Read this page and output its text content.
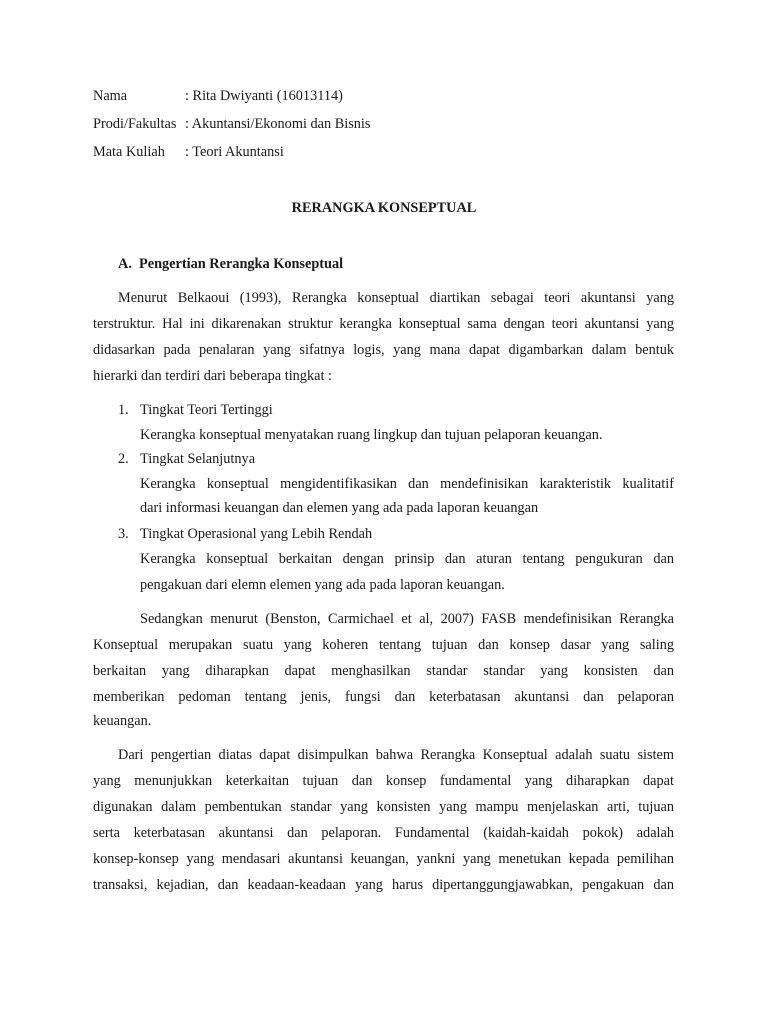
Nama	: Rita Dwiyanti (16013114)
Prodi/Fakultas : Akuntansi/Ekonomi dan Bisnis
Mata Kuliah : Teori Akuntansi
RERANGKA KONSEPTUAL
A. Pengertian Rerangka Konseptual
Menurut Belkaoui (1993), Rerangka konseptual diartikan sebagai teori akuntansi yang
terstruktur. Hal ini dikarenakan struktur kerangka konseptual sama dengan teori akuntansi yang
didasarkan pada penalaran yang sifatnya logis, yang mana dapat digambarkan dalam bentuk
hierarki dan terdiri dari beberapa tingkat :
1. Tingkat Teori Tertinggi
Kerangka konseptual menyatakan ruang lingkup dan tujuan pelaporan keuangan.
2. Tingkat Selanjutnya
Kerangka konseptual mengidentifikasikan dan mendefinisikan karakteristik kualitatif
dari informasi keuangan dan elemen yang ada pada laporan keuangan
3. Tingkat Operasional yang Lebih Rendah
Kerangka konseptual berkaitan dengan prinsip dan aturan tentang pengukuran dan
pengakuan dari elemn elemen yang ada pada laporan keuangan.
Sedangkan menurut (Benston, Carmichael et al, 2007) FASB mendefinisikan Rerangka
Konseptual merupakan suatu yang koheren tentang tujuan dan konsep dasar yang saling
berkaitan yang diharapkan dapat menghasilkan standar standar yang konsisten dan
memberikan pedoman tentang jenis, fungsi dan keterbatasan akuntansi dan pelaporan
keuangan.
Dari pengertian diatas dapat disimpulkan bahwa Rerangka Konseptual adalah suatu sistem
yang menunjukkan keterkaitan tujuan dan konsep fundamental yang diharapkan dapat
digunakan dalam pembentukan standar yang konsisten yang mampu menjelaskan arti, tujuan
serta keterbatasan akuntansi dan pelaporan. Fundamental (kaidah-kaidah pokok) adalah
konsep-konsep yang mendasari akuntansi keuangan, yankni yang menetukan kepada pemilihan
transaksi, kejadian, dan keadaan-keadaan yang harus dipertanggungjawabkan, pengakuan dan
